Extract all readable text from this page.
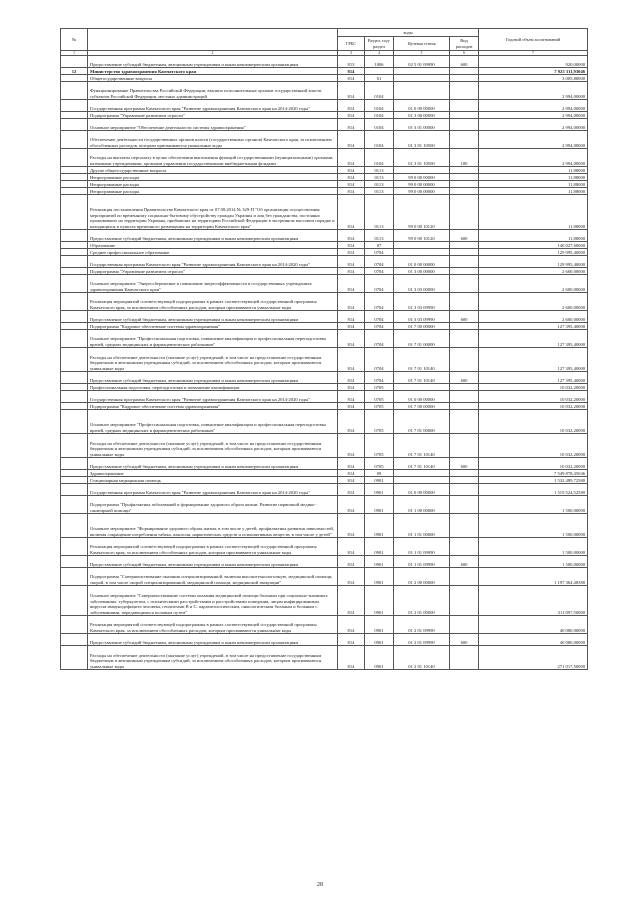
№		коды				Годовой объем ассигнований
		ГРБС	Раздел, под-раздел	Целевая статья	Вид расходов	
1	2	3	4	5	6	7
	Предоставление субсидий бюджетным, автономным учреждениям и иным некоммерческим организациям	813	1006	02 5 01 09990	600	920,00000
12	Министерство здравоохранения Камчатского края	814				7 925 311,93046
	Общегосударственные вопросы	814	01			3 005,88000
	Функционирование Правительства Российской Федерации, высших исполнительных органов государственной власти субъектов Российской Федерации, местных администраций	814	0104			2 994,00000
	Государственная программа Камчатского края "Развитие здравоохранения Камчатского края на 2014-2020 годы"	814	0104	01 0 00 00000		2 994,00000
	Подпрограмма "Управление развитием отрасли"	814	0104	01 3 00 00000		2 994,00000
	Основное мероприятие "Обеспечение деятельности системы здравоохранения"	814	0104	01 3 01 00000		2 994,00000
	Обеспечение деятельности государственных органов власти (государственных органов) Камчатского края, за исключением обособленных расходов, которым присваиваются уникальные коды	814	0104	01 3 01 10500		2 994,00000
	Расходы на выплаты персоналу в целях обеспечения выполнения функций государственными (муниципальными) органами, казенными учреждениями, органами управления государственными внебюджетными фондами	814	0104	01 3 01 10500	100	2 994,00000
	Другие общегосударственные вопросы	814	0113			11,88000
	Непрограммные расходы	814	0113	99 0 00 00000		11,88000
	Непрограммные расходы	814	0113	99 0 00 00000		11,88000
	Непрограммные расходы	814	0113	99 0 00 00000		11,88000
	Реализация постановления Правительства Камчатского края от 07.08.2014 № 329-П "Об организации осуществления мероприятий по временному социально-бытовому обустройству граждан Украины и лиц без гражданства, постоянно проживавших на территории Украины, прибывших на территорию Российской Федерации в экстренном массовом порядке и находящихся в пунктах временного размещения на территории Камчатского края"	814	0113	99 0 00 10120		11,88000
	Предоставление субсидий бюджетным, автономным учреждениям и иным некоммерческим организациям	814	0113	99 0 00 10120	600	11,88000
	Образование	814	07			140 027,60000
	Среднее профессиональное образование	814	0704			129 995,40000
	Государственная программа Камчатского края "Развитие здравоохранения Камчатского края на 2014-2020 годы"	814	0704	01 0 00 00000		129 995,40000
	Подпрограмма "Управление развитием отрасли"	814	0704	01 3 00 00000		2 600,00000
	Основное мероприятие "Энергосбережение и повышение энергоэффективности в государственных учреждениях здравоохранения Камчатского края"	814	0704	01 3 03 00000		2 600,00000
	Реализация мероприятий соответствующей подпрограммы в рамках соответствующей государственной программы Камчатского края, за исключением обособленных расходов, которым присваиваются уникальные коды	814	0704	01 3 03 09990		2 600,00000
	Предоставление субсидий бюджетным, автономным учреждениям и иным некоммерческим организациям	814	0704	01 3 03 09990	600	2 600,00000
	Подпрограмма "Кадровое обеспечение системы здравоохранения"	814	0704	01 7 00 00000		127 395,40000
	Основное мероприятие "Профессиональная подготовка, повышение квалификации и профессиональная переподготовка врачей, средних медицинских и фармацевтических работников"	814	0704	01 7 01 00000		127 395,40000
	Расходы на обеспечение деятельности (оказание услуг) учреждений, в том числе на предоставление государственным бюджетным и автономным учреждениям субсидий, за исключением обособленных расходов, которым присваиваются уникальные коды	814	0704	01 7 01 10140		127 395,40000
	Предоставление субсидий бюджетным, автономным учреждениям и иным некоммерческим организациям	814	0704	01 7 01 10140	600	127 395,40000
	Профессиональная подготовка, переподготовка и повышение квалификации	814	0705			10 032,20000
	Государственная программа Камчатского края "Развитие здравоохранения Камчатского края на 2014-2020 годы"	814	0705	01 0 00 00000		10 032,20000
	Подпрограмма "Кадровое обеспечение системы здравоохранения"	814	0705	01 7 00 00000		10 032,20000
	Основное мероприятие "Профессиональная подготовка, повышение квалификации и профессиональная переподготовка врачей, средних медицинских и фармацевтических работников"	814	0705	01 7 01 00000		10 032,20000
	Расходы на обеспечение деятельности (оказание услуг) учреждений, в том числе на предоставление государственным бюджетным и автономным учреждениям субсидий, за исключением обособленных расходов, которым присваиваются уникальные коды	814	0705	01 7 01 10140		10 032,20000
	Предоставление субсидий бюджетным, автономным учреждениям и иным некоммерческим организациям	814	0705	01 7 01 10140	600	10 032,20000
	Здравоохранение	814	09			7 549 878,45046
	Стационарная медицинская помощь	814	0901			1 532 489,72580
	Государственная программа Камчатского края "Развитие здравоохранения Камчатского края на 2014-2020 годы"	814	0901	01 0 00 00000		1 519 524,52580
	Подпрограмма "Профилактика заболеваний и формирование здорового образа жизни. Развитие первичной медико-санитарной помощи"	814	0901	01 1 00 00000		1 500,00000
	Основное мероприятие "Формирование здорового образа жизни, в том числе у детей, профилактика развития зависимостей, включая сокращение потребления табака, алкоголя, наркотических средств и психоактивных веществ, в том числе у детей"	814	0901	01 1 01 00000		1 500,00000
	Реализация мероприятий соответствующей подпрограммы в рамках соответствующей государственной программы Камчатского края, за исключением обособленных расходов, которым присваиваются уникальные коды	814	0901	01 1 01 09990		1 500,00000
	Предоставление субсидий бюджетным, автономным учреждениям и иным некоммерческим организациям	814	0901	01 1 01 09990	600	1 500,00000
	Подпрограмма "Совершенствование оказания специализированной, включая высокотехнологичную, медицинской помощи, скорой, в том числе скорой специализированной, медицинской помощи, медицинской эвакуации"	814	0901	01 2 00 00000		1 197 364,48380
	Основное мероприятие "Совершенствование системы оказания медицинской помощи больным при социально-значимых заболеваниях: туберкулезом, с психическими расстройствами и расстройствами поведения, лицам инфицированным вирусом иммунодефицита человека, гепатитами В и С, паразитологическим, онкологическим больным и больным с заболеваниями, передающимися половым путем"	814	0901	01 2 01 00000		311 097,50000
	Реализация мероприятий соответствующей подпрограммы в рамках соответствующей государственной программы Камчатского края, за исключением обособленных расходов, которым присваиваются уникальные коды	814	0901	01 2 01 09990		40 080,00000
	Предоставление субсидий бюджетным, автономным учреждениям и иным некоммерческим организациям	814	0901	01 2 01 09990	600	40 080,00000
	Расходы на обеспечение деятельности (оказание услуг) учреждений, в том числе на предоставление государственным бюджетным и автономным учреждениям субсидий, за исключением обособленных расходов, которым присваиваются уникальные коды	814	0901	01 2 01 10140		271 017,50000
28
